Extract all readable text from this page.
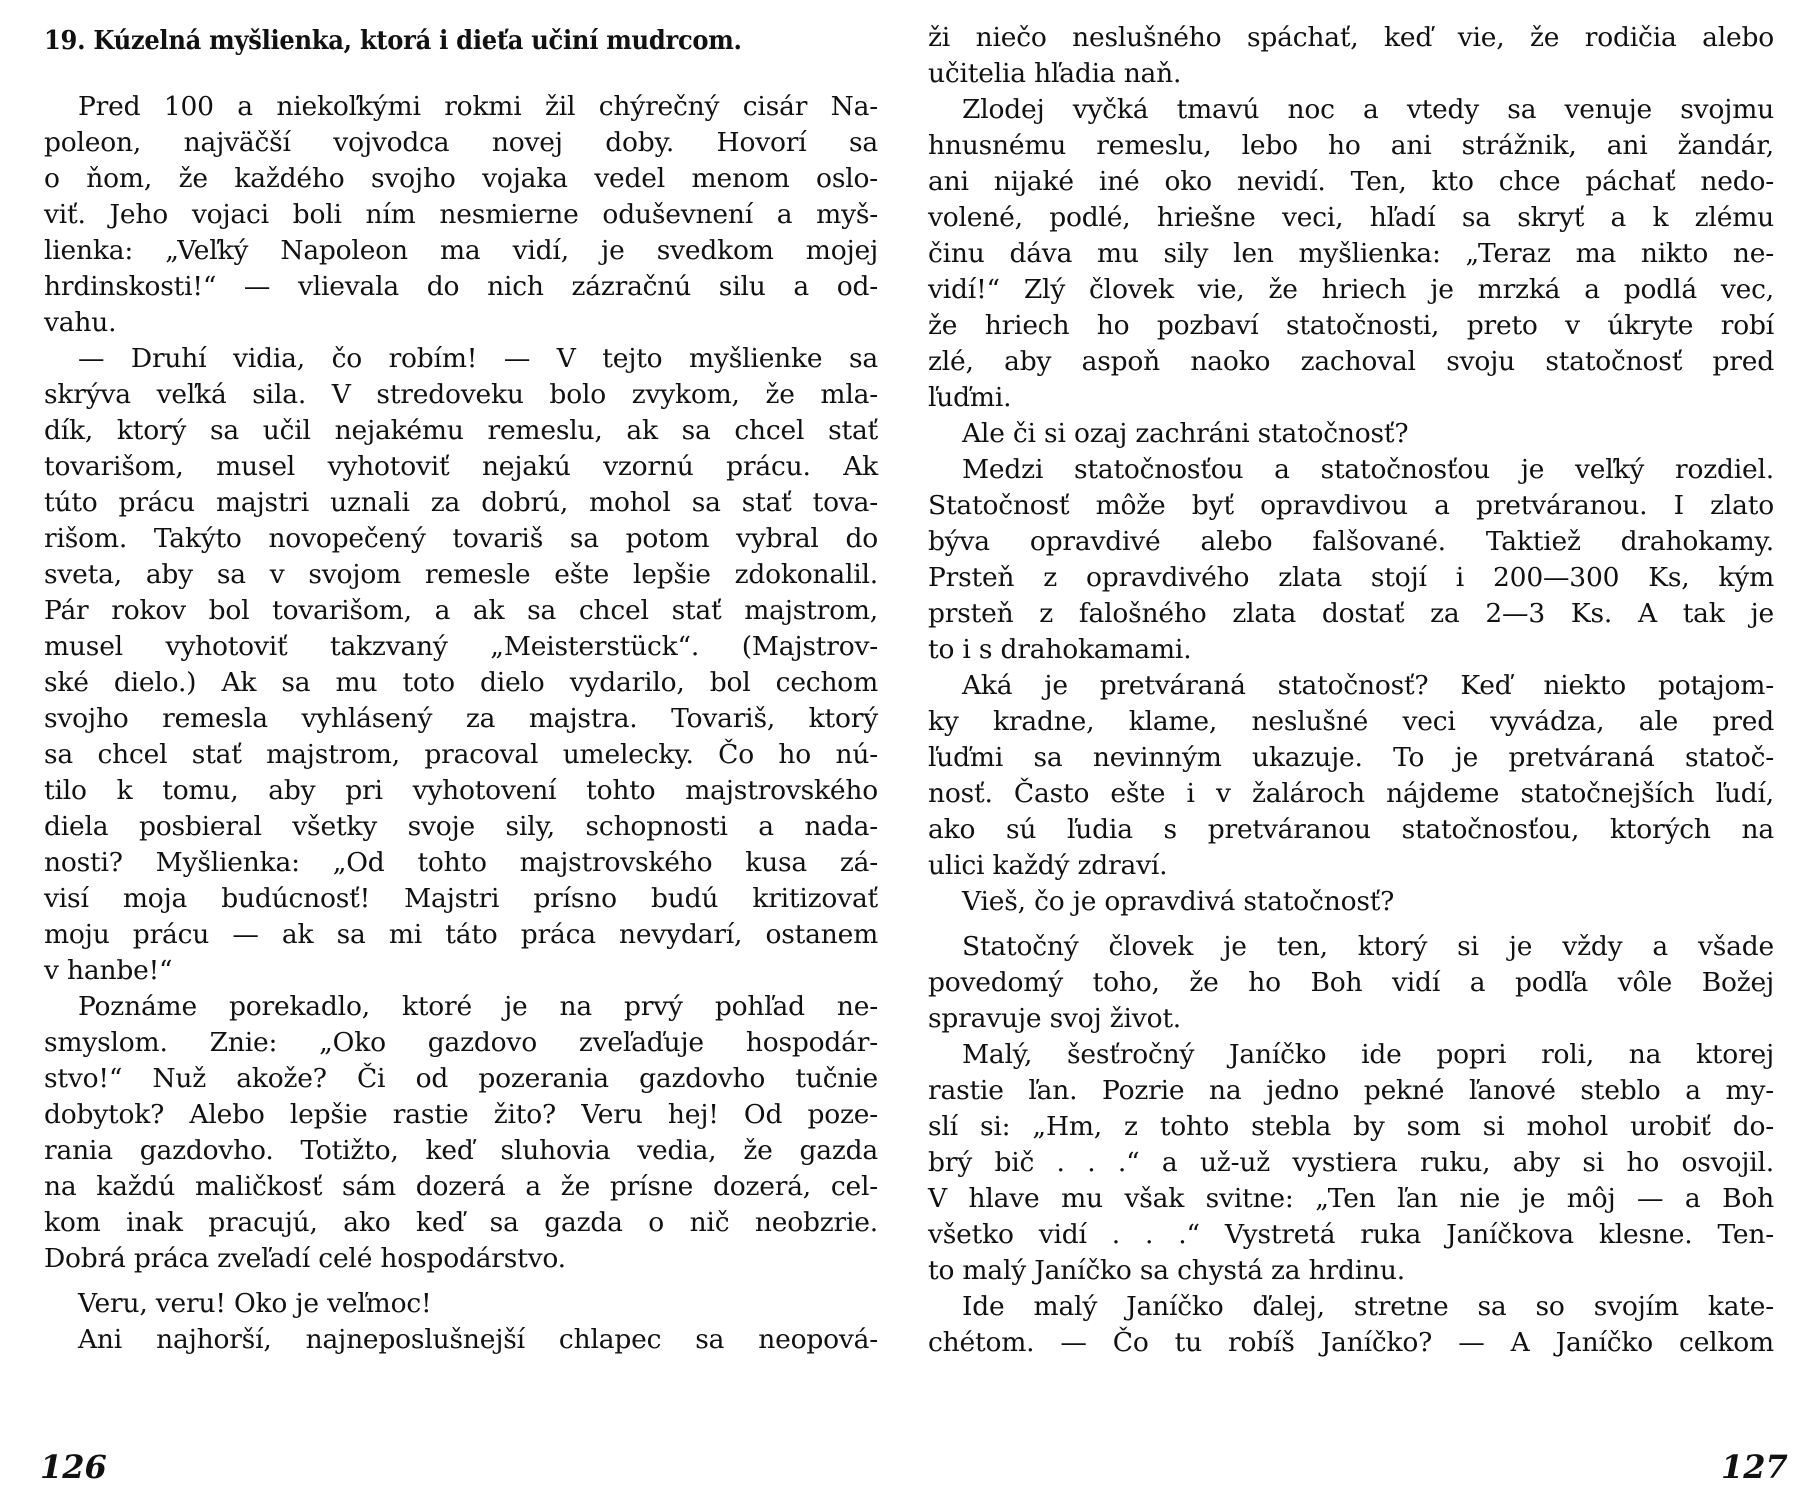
19. Kúzelná myšlienka, ktorá i dieťa učiní mudrcom.
Pred 100 a niekoľkými rokmi žil chýrečný cisár Na-
poleon, najväčší vojvodca novej doby. Hovorí sa
o ňom, že každého svojho vojaka vedel menom oslo-
viť. Jeho vojaci boli ním nesmierne oduševnení a myš-
lienka: „Veľký Napoleon ma vidí, je svedkom mojej
hrdinskosti!“ — vlievala do nich zázračnú silu a od-
vahu.
— Druhí vidia, čo robím! — V tejto myšlienke sa
skrýva veľká sila. V stredoveku bolo zvykom, že mla-
dík, ktorý sa učil nejakému remeslu, ak sa chcel stať
tovarišom, musel vyhotoviť nejakú vzornú prácu. Ak
túto prácu majstri uznali za dobrú, mohol sa stať tova-
rišom. Takýto novopečený tovariš sa potom vybral do
sveta, aby sa v svojom remesle ešte lepšie zdokonalil.
Pár rokov bol tovarišom, a ak sa chcel stať majstrom,
musel vyhotoviť takzvaný „Meisterstück“. (Majstrov-
ské dielo.) Ak sa mu toto dielo vydarilo, bol cechom
svojho remesla vyhlásený za majstra. Tovariš, ktorý
sa chcel stať majstrom, pracoval umelecky. Čo ho nú-
tilo k tomu, aby pri vyhotovení tohto majstrovského
diela posbieral všetky svoje sily, schopnosti a nada-
nosti? Myšlienka: „Od tohto majstrovského kusa zá-
visí moja budúcnosť! Majstri prísno budú kritizovať
moju prácu — ak sa mi táto práca nevydarí, ostanem
v hanbe!“
Poznáme porekadlo, ktoré je na prvý pohľad ne-
smyslom. Znie: „Oko gazdovo zveľaďuje hospodár-
stvo!“ Nuž akože? Či od pozerania gazdovho tučnie
dobytok? Alebo lepšie rastie žito? Veru hej! Od poze-
rania gazdovho. Totižto, keď sluhovia vedia, že gazda
na každú maličkosť sám dozerá a že prísne dozerá, cel-
kom inak pracujú, ako keď sa gazda o nič neobzrie.
Dobrá práca zveľadí celé hospodárstvo.
Veru, veru! Oko je veľmoc!
Ani najhorší, najneposlušnejší chlapec sa neopová-
ži niečo neslušného spáchať, keď vie, že rodičia alebo
učitelia hľadia naň.
Zlodej vyčká tmavú noc a vtedy sa venuje svojmu
hnusnému remeslu, lebo ho ani strážnik, ani žandár,
ani nijaké iné oko nevidí. Ten, kto chce páchať nedo-
volené, podlé, hriešne veci, hľadí sa skryť a k zlému
činu dáva mu sily len myšlienka: „Teraz ma nikto ne-
vidí!“ Zlý človek vie, že hriech je mrzká a podlá vec,
že hriech ho pozbaví statočnosti, preto v úkryte robí
zlé, aby aspoň naoko zachoval svoju statočnosť pred
ľuďmi.
Ale či si ozaj zachráni statočnosť?
Medzi statočnosťou a statočnosťou je veľký rozdiel.
Statočnosť môže byť opravdivou a pretváranou. I zlato
býva opravdivé alebo falšované. Taktiež drahokamy.
Prsteň z opravdivého zlata stojí i 200—300 Ks, kým
prsteň z falošného zlata dostať za 2—3 Ks. A tak je
to i s drahokamami.
Aká je pretváraná statočnosť? Keď niekto potajom-
ky kradne, klame, neslušné veci vyvádza, ale pred
ľuďmi sa nevinným ukazuje. To je pretváraná statoč-
nosť. Často ešte i v žalároch nájdeme statočnejších ľudí,
ako sú ľudia s pretváranou statočnosťou, ktorých na
ulici každý zdraví.
Vieš, čo je opravdivá statočnosť?
Statočný človek je ten, ktorý si je vždy a všade
povedomý toho, že ho Boh vidí a podľa vôle Božej
spravuje svoj život.
Malý, šesťročný Janíčko ide popri roli, na ktorej
rastie ľan. Pozrie na jedno pekné ľanové steblo a my-
slí si: „Hm, z tohto stebla by som si mohol urobiť do-
brý bič . . .“ a už-už vystiera ruku, aby si ho osvojil.
V hlave mu však svitne: „Ten ľan nie je môj — a Boh
všetko vidí . . .“ Vystretá ruka Janíčkova klesne. Ten-
to malý Janíčko sa chystá za hrdinu.
Ide malý Janíčko ďalej, stretne sa so svojím kate-
chétom. — Čo tu robíš Janíčko? — A Janíčko celkom
126	127
